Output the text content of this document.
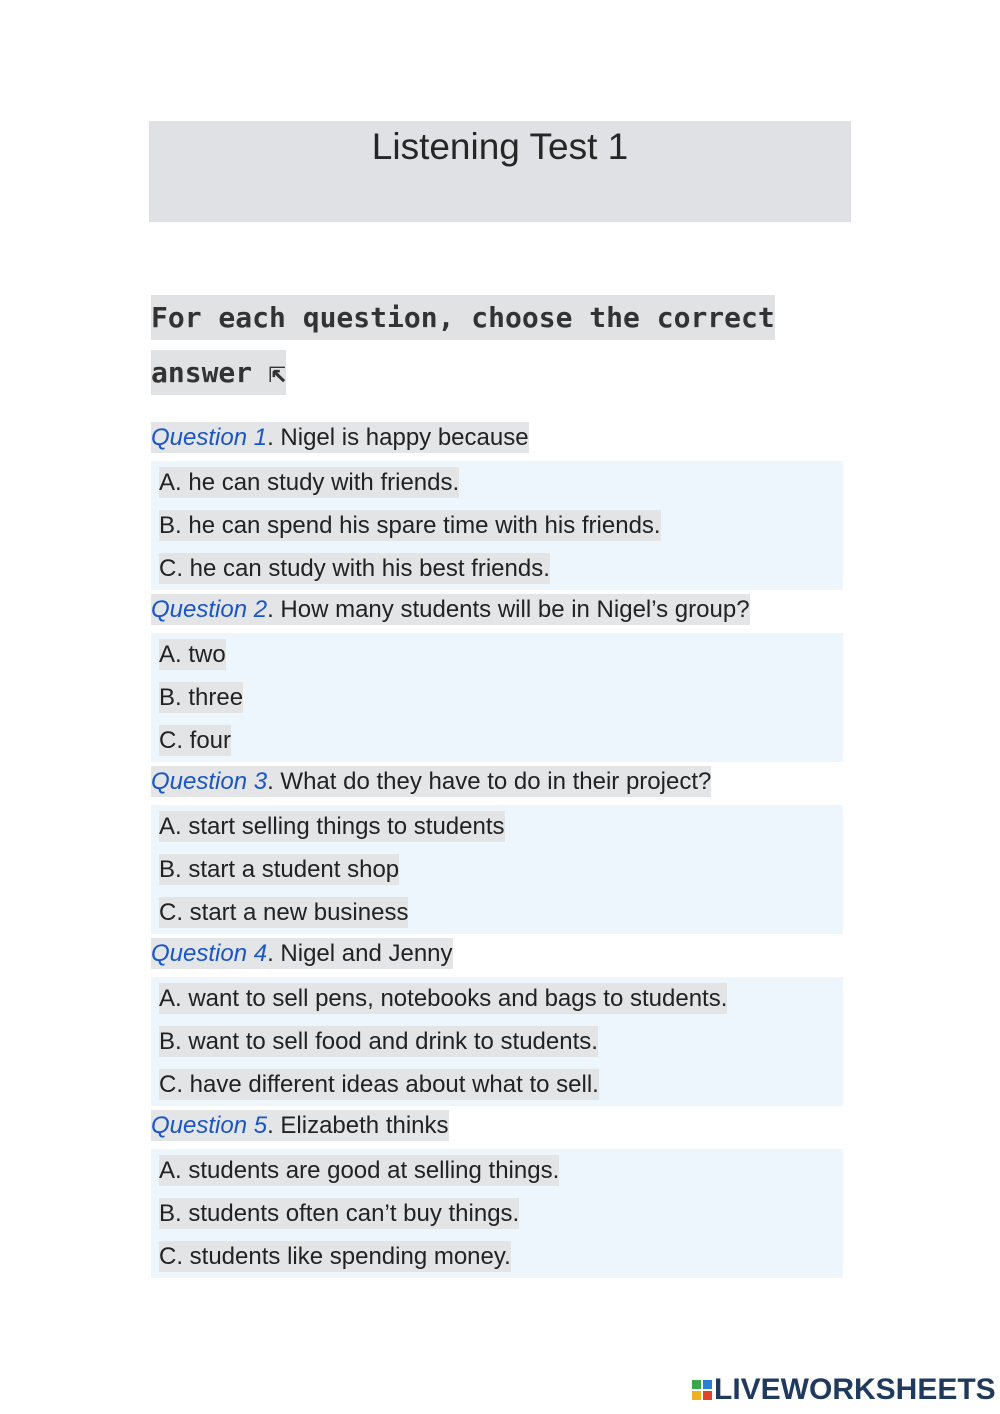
Listening Test 1
For each question, choose the correct
answer ⇱
Question 1. Nigel is happy because
A. he can study with friends.
B. he can spend his spare time with his friends.
C. he can study with his best friends.
Question 2. How many students will be in Nigel’s group?
A. two
B. three
C. four
Question 3. What do they have to do in their project?
A. start selling things to students
B. start a student shop
C. start a new business
Question 4. Nigel and Jenny
A. want to sell pens, notebooks and bags to students.
B. want to sell food and drink to students.
C. have different ideas about what to sell.
Question 5. Elizabeth thinks
A. students are good at selling things.
B. students often can’t buy things.
C. students like spending money.
LIVEWORKSHEETS
